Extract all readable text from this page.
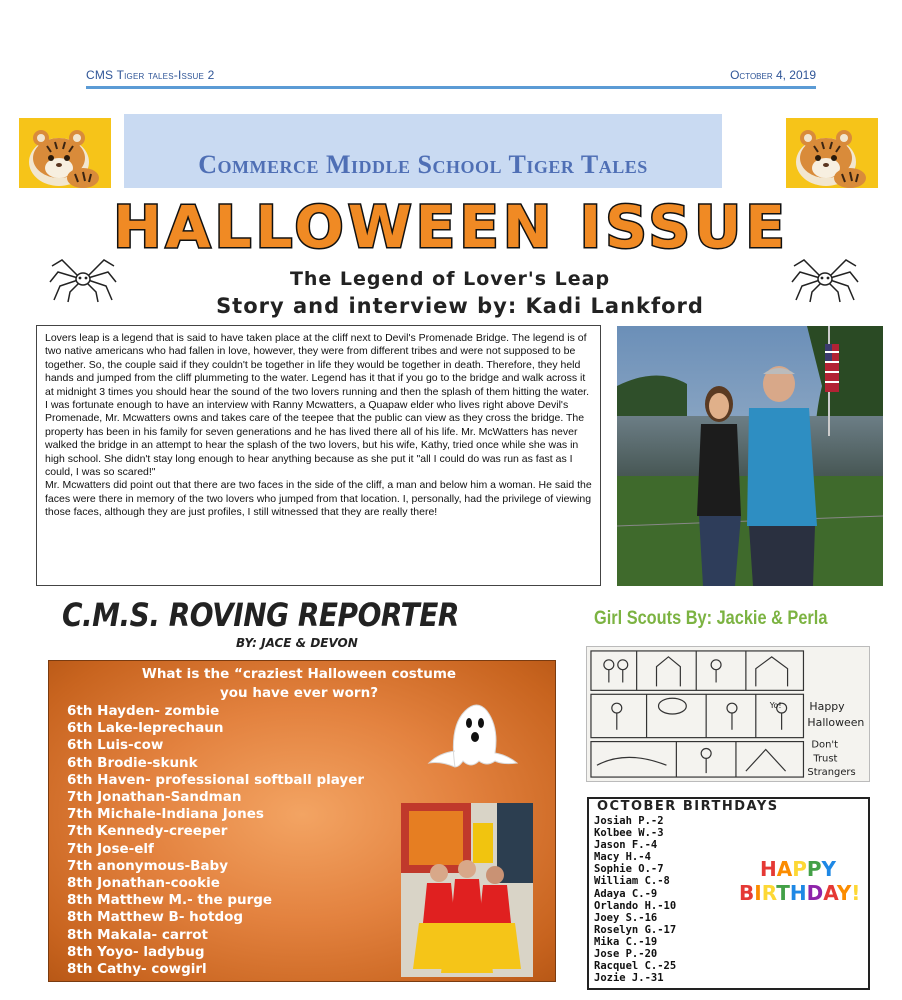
CMS Tiger tales-Issue 2	October 4, 2019
Commerce Middle School Tiger Tales
HALLOWEEN ISSUE
The Legend of Lover's Leap
Story and interview by: Kadi Lankford

Lovers leap is a legend that is said to have taken place at the cliff next to Devil's Promenade Bridge. The legend is of two native americans who had fallen in love, however, they were from different tribes and were not supposed to be together. So, the couple said if they couldn't be together in life they would be together in death. Therefore, they held hands and jumped from the cliff plummeting to the water. Legend has it that if you go to the bridge and walk across it at midnight 3 times you should hear the sound of the two lovers running and then the splash of them hitting the water.

I was fortunate enough to have an interview with Ranny Mcwatters, a Quapaw elder who lives right above Devil's Promenade, Mr. Mcwatters owns and takes care of the teepee that the public can view as they cross the bridge. The property has been in his family for seven generations and he has lived there all of his life. Mr. McWatters has never walked the bridge in an attempt to hear the splash of the two lovers, but his wife, Kathy, tried once while she was in high school. She didn't stay long enough to hear anything because as she put it "all I could do was run as fast as I could, I was so scared!"

Mr. Mcwatters did point out that there are two faces in the side of the cliff, a man and below him a woman. He said the faces were there in memory of the two lovers who jumped from that location. I, personally, had the privilege of viewing those faces, although they are just profiles, I still witnessed that they are really there!

C.M.S. ROVING REPORTER
BY: JACE & DEVON
What is the “craziest Halloween costume
you have ever worn?
6th Hayden- zombie
6th Lake-leprechaun
6th Luis-cow
6th Brodie-skunk
6th Haven- professional softball player
7th Jonathan-Sandman
7th Michale-Indiana Jones
7th Kennedy-creeper
7th Jose-elf
7th anonymous-Baby
8th Jonathan-cookie
8th Matthew M.- the purge
8th Matthew B- hotdog
8th Makala- carrot
8th Yoyo- ladybug
8th Cathy- cowgirl
Girl Scouts By: Jackie & Perla
Happy
Halloween
Don't
Trust
Strangers
Yo!
OCTOBER BIRTHDAYS
Josiah P.-2
Kolbee W.-3
Jason F.-4
Macy H.-4
Sophie O.-7
William C.-8
Adaya C.-9
Orlando H.-10
Joey S.-16
Roselyn G.-17
Mika C.-19
Jose P.-20
Racquel C.-25
Jozie J.-31
HAPPY
BIRTHDAY!
